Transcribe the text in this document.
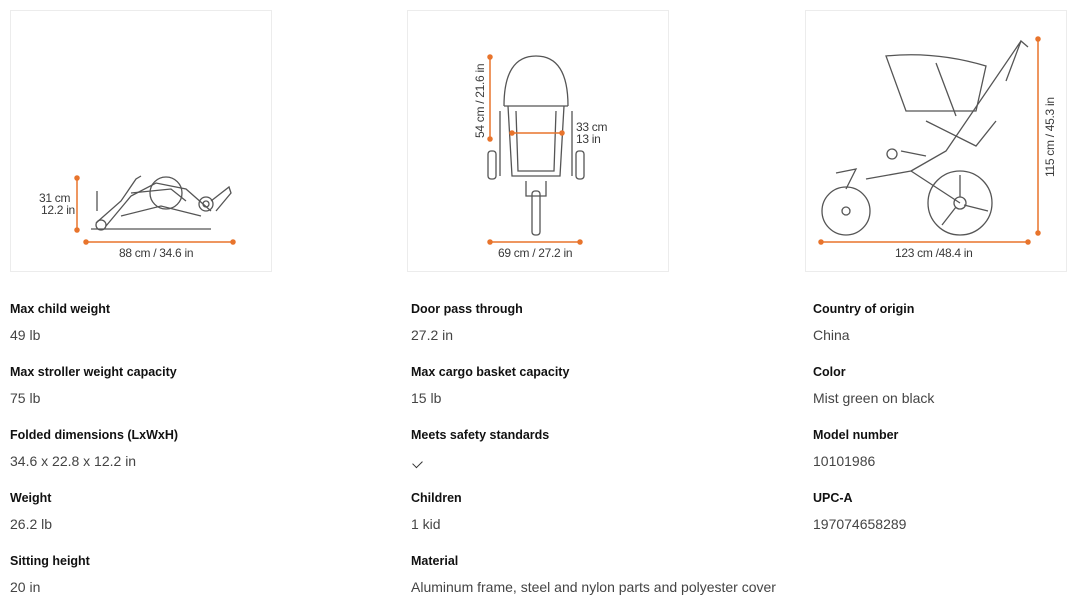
31 cm
12.2 in
88 cm / 34.6 in
54 cm / 21.6 in	33 cm
13 in
69 cm / 27.2 in
115 cm / 45.3 in
123 cm /48.4 in
Max child weight
49 lb
Max stroller weight capacity
75 lb
Folded dimensions (LxWxH)
34.6 x 22.8 x 12.2 in
Weight
26.2 lb
Sitting height
20 in
Door pass through
27.2 in
Max cargo basket capacity
15 lb
Meets safety standards
Children
1 kid
Material
Aluminum frame, steel and nylon parts and polyester cover
Country of origin
China
Color
Mist green on black
Model number
10101986
UPC-A
197074658289
